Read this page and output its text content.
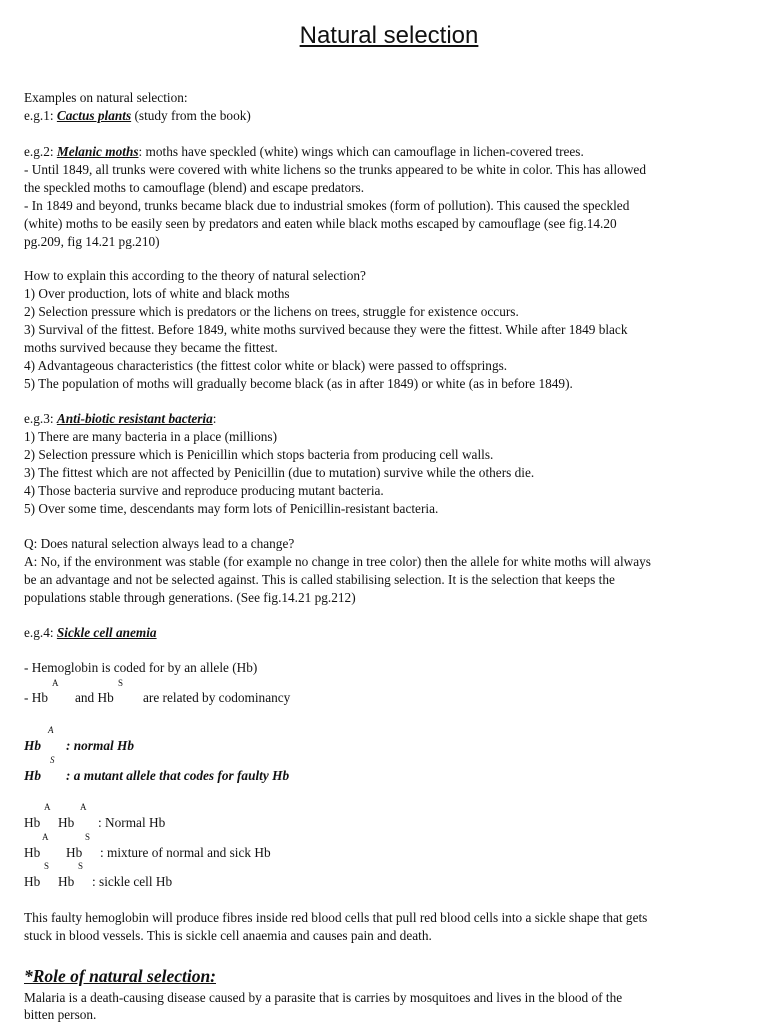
Natural selection
Examples on natural selection:
e.g.1: Cactus plants (study from the book)
e.g.2: Melanic moths: moths have speckled (white) wings which can camouflage in lichen-covered trees.
- Until 1849, all trunks were covered with white lichens so the trunks appeared to be white in color. This has allowed
the speckled moths to camouflage (blend) and escape predators.
- In 1849 and beyond, trunks became black due to industrial smokes (form of pollution). This caused the speckled
(white) moths to be easily seen by predators and eaten while black moths escaped by camouflage (see fig.14.20
pg.209, fig 14.21 pg.210)
How to explain this according to the theory of natural selection?
1) Over production, lots of white and black moths
2) Selection pressure which is predators or the lichens on trees, struggle for existence occurs.
3) Survival of the fittest. Before 1849, white moths survived because they were the fittest. While after 1849 black
moths survived because they became the fittest.
4) Advantageous characteristics (the fittest color white or black) were passed to offsprings.
5) The population of moths will gradually become black (as in after 1849) or white (as in before 1849).
e.g.3: Anti-biotic resistant bacteria:
1) There are many bacteria in a place (millions)
2) Selection pressure which is Penicillin which stops bacteria from producing cell walls.
3) The fittest which are not affected by Penicillin (due to mutation) survive while the others die.
4) Those bacteria survive and reproduce producing mutant bacteria.
5) Over some time, descendants may form lots of Penicillin-resistant bacteria.
Q: Does natural selection always lead to a change?
A: No, if the environment was stable (for example no change in tree color) then the allele for white moths will always
be an advantage and not be selected against. This is called stabilising selection. It is the selection that keeps the
populations stable through generations. (See fig.14.21 pg.212)
e.g.4: Sickle cell anemia
- Hemoglobin is coded for by an allele (Hb)
A	S
- Hb and Hb are related by codominancy
A
Hb : normal Hb
S
Hb : a mutant allele that codes for faulty Hb
A	A
Hb Hb : Normal Hb
A	S
Hb Hb : mixture of normal and sick Hb
S	S
Hb Hb : sickle cell Hb
This faulty hemoglobin will produce fibres inside red blood cells that pull red blood cells into a sickle shape that gets
stuck in blood vessels. This is sickle cell anaemia and causes pain and death.
*Role of natural selection:
Malaria is a death-causing disease caused by a parasite that is carries by mosquitoes and lives in the blood of the
bitten person.
